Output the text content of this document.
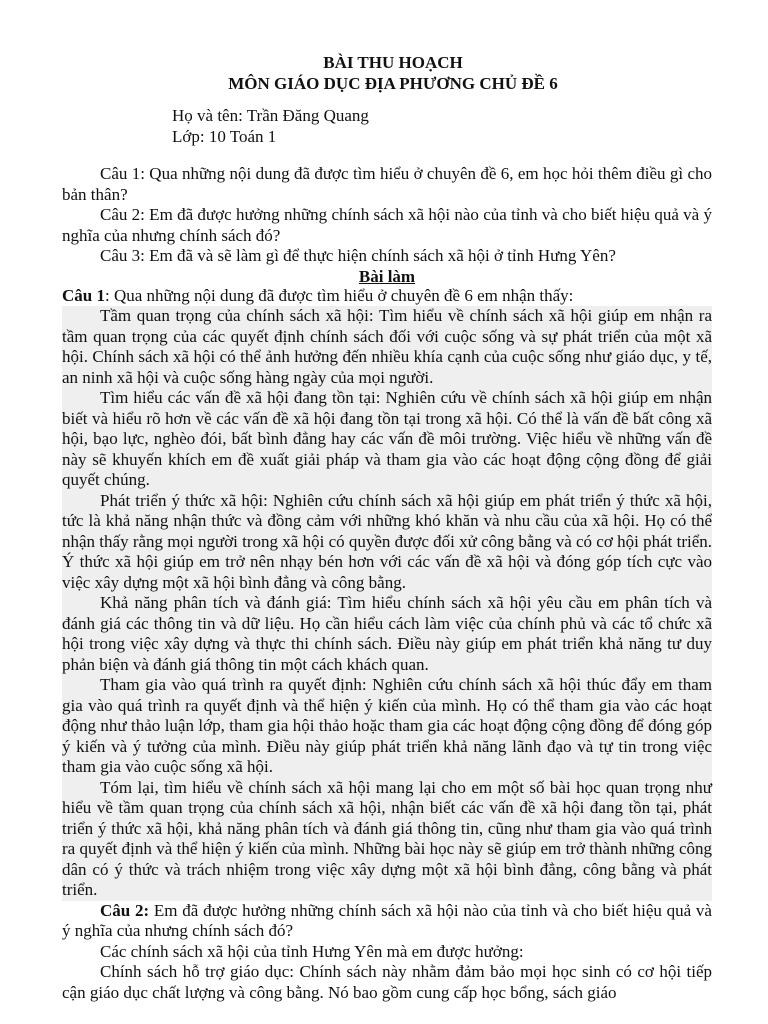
BÀI THU HOẠCH
MÔN GIÁO DỤC ĐỊA PHƯƠNG CHỦ ĐỀ 6
Họ và tên: Trần Đăng Quang
Lớp: 10 Toán 1

Câu 1: Qua những nội dung đã được tìm hiểu ở chuyên đề 6, em học hỏi thêm điều gì cho bản thân?

Câu 2: Em đã được hưởng những chính sách xã hội nào của tỉnh và cho biết hiệu quả và ý nghĩa của nhưng chính sách đó?

Câu 3: Em đã và sẽ làm gì để thực hiện chính sách xã hội ở tỉnh Hưng Yên?

Bài làm

Câu 1: Qua những nội dung đã được tìm hiểu ở chuyên đề 6 em nhận thấy:

Tầm quan trọng của chính sách xã hội: Tìm hiểu về chính sách xã hội giúp em nhận ra tầm quan trọng của các quyết định chính sách đối với cuộc sống và sự phát triển của một xã hội. Chính sách xã hội có thể ảnh hưởng đến nhiều khía cạnh của cuộc sống như giáo dục, y tế, an ninh xã hội và cuộc sống hàng ngày của mọi người.

Tìm hiểu các vấn đề xã hội đang tồn tại: Nghiên cứu về chính sách xã hội giúp em nhận biết và hiểu rõ hơn về các vấn đề xã hội đang tồn tại trong xã hội. Có thể là vấn đề bất công xã hội, bạo lực, nghèo đói, bất bình đẳng hay các vấn đề môi trường. Việc hiểu về những vấn đề này sẽ khuyến khích em đề xuất giải pháp và tham gia vào các hoạt động cộng đồng để giải quyết chúng.

Phát triển ý thức xã hội: Nghiên cứu chính sách xã hội giúp em phát triển ý thức xã hội, tức là khả năng nhận thức và đồng cảm với những khó khăn và nhu cầu của xã hội. Họ có thể nhận thấy rằng mọi người trong xã hội có quyền được đối xử công bằng và có cơ hội phát triển. Ý thức xã hội giúp em trở nên nhạy bén hơn với các vấn đề xã hội và đóng góp tích cực vào việc xây dựng một xã hội bình đẳng và công bằng.

Khả năng phân tích và đánh giá: Tìm hiểu chính sách xã hội yêu cầu em phân tích và đánh giá các thông tin và dữ liệu. Họ cần hiểu cách làm việc của chính phủ và các tổ chức xã hội trong việc xây dựng và thực thi chính sách. Điều này giúp em phát triển khả năng tư duy phản biện và đánh giá thông tin một cách khách quan.

Tham gia vào quá trình ra quyết định: Nghiên cứu chính sách xã hội thúc đẩy em tham gia vào quá trình ra quyết định và thể hiện ý kiến của mình. Họ có thể tham gia vào các hoạt động như thảo luận lớp, tham gia hội thảo hoặc tham gia các hoạt động cộng đồng để đóng góp ý kiến và ý tưởng của mình. Điều này giúp phát triển khả năng lãnh đạo và tự tin trong việc tham gia vào cuộc sống xã hội.

Tóm lại, tìm hiểu về chính sách xã hội mang lại cho em một số bài học quan trọng như hiểu về tầm quan trọng của chính sách xã hội, nhận biết các vấn đề xã hội đang tồn tại, phát triển ý thức xã hội, khả năng phân tích và đánh giá thông tin, cũng như tham gia vào quá trình ra quyết định và thể hiện ý kiến của mình. Những bài học này sẽ giúp em trở thành những công dân có ý thức và trách nhiệm trong việc xây dựng một xã hội bình đẳng, công bằng và phát triển.

Câu 2: Em đã được hưởng những chính sách xã hội nào của tỉnh và cho biết hiệu quả và ý nghĩa của nhưng chính sách đó?

Các chính sách xã hội của tỉnh Hưng Yên mà em được hưởng:

Chính sách hỗ trợ giáo dục: Chính sách này nhằm đảm bảo mọi học sinh có cơ hội tiếp cận giáo dục chất lượng và công bằng. Nó bao gồm cung cấp học bổng, sách giáo
